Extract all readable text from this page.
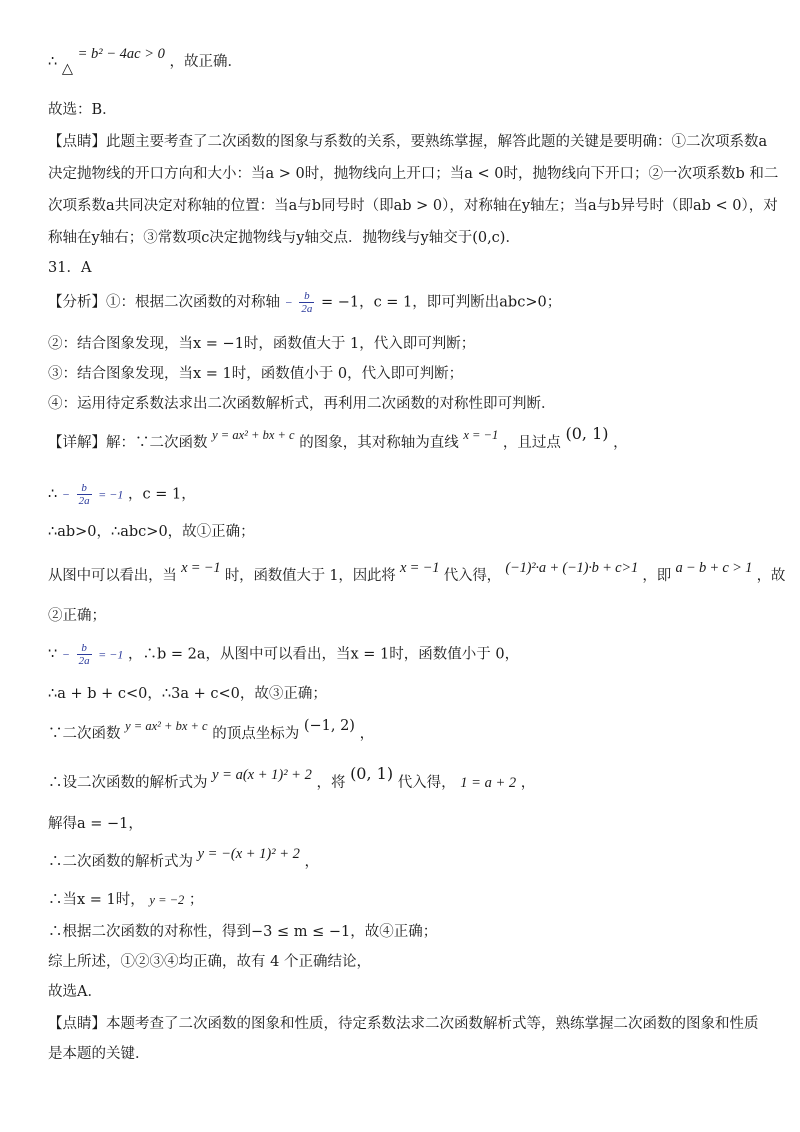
∴ △ = b² − 4ac > 0 ，故正确．
故选：B．
【点睛】此题主要考查了二次函数的图象与系数的关系，要熟练掌握，解答此题的关键是要明确：①二次项系数a
决定抛物线的开口方向和大小：当a > 0时，抛物线向上开口；当a < 0时，抛物线向下开口；②一次项系数b 和二
次项系数a共同决定对称轴的位置：当a与b同号时（即ab > 0），对称轴在y轴左；当a与b异号时（即ab < 0），对
称轴在y轴右；③常数项c决定抛物线与y轴交点．抛物线与y轴交于(0,c)．
31．A
【分析】①：根据二次函数的对称轴 − $\frac{b}{2a} = -1$，c = 1，即可判断出abc>0；
②：结合图象发现，当x = −1时，函数值大于 1，代入即可判断；
③：结合图象发现，当x = 1时，函数值小于 0，代入即可判断；
④：运用待定系数法求出二次函数解析式，再利用二次函数的对称性即可判断．
【详解】解：∵二次函数 y = ax² + bx + c 的图象，其对称轴为直线 x = −1 ，且过点 (0, 1) ，
∴ − $\frac{b}{2a} = -1$ ，c = 1，
∴ab>0，∴abc>0，故①正确；
从图中可以看出，当 x = −1 时，函数值大于 1，因此将 x = −1 代入得， (−1)²·a + (−1)·b + c>1 ，即 a − b + c > 1 ，故
②正确；
∵ − $\frac{b}{2a} = -1$ ，∴b = 2a，从图中可以看出，当x = 1时，函数值小于 0，
∴a + b + c<0，∴3a + c<0，故③正确；
∵二次函数 y = ax² + bx + c 的顶点坐标为 (−1, 2) ，
∴设二次函数的解析式为 y = a(x + 1)² + 2 ，将 (0, 1) 代入得， 1 = a + 2 ，
解得a = −1，
∴二次函数的解析式为 y = −(x + 1)² + 2 ，
∴当x = 1时， y = −2 ；
∴根据二次函数的对称性，得到−3 ≤ m ≤ −1，故④正确；
综上所述，①②③④均正确，故有 4 个正确结论，
故选A．
【点睛】本题考查了二次函数的图象和性质，待定系数法求二次函数解析式等，熟练掌握二次函数的图象和性质
是本题的关键．
